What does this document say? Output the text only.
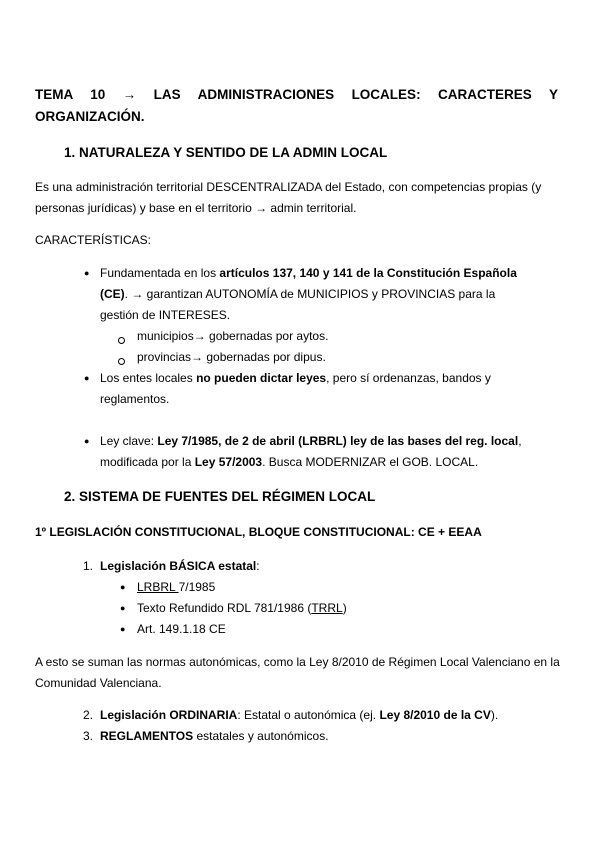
TEMA 10 → LAS ADMINISTRACIONES LOCALES: CARACTERES Y ORGANIZACIÓN.
1. NATURALEZA Y SENTIDO DE LA ADMIN LOCAL
Es una administración territorial DESCENTRALIZADA del Estado, con competencias propias (y personas jurídicas) y base en el territorio → admin territorial.
CARACTERÍSTICAS:
● Fundamentada en los artículos 137, 140 y 141 de la Constitución Española (CE). → garantizan AUTONOMÍA de MUNICIPIOS y PROVINCIAS para la gestión de INTERESES.
municipios→ gobernadas por aytos.
provincias→ gobernadas por dipus.
● Los entes locales no pueden dictar leyes, pero sí ordenanzas, bandos y reglamentos.
● Ley clave: Ley 7/1985, de 2 de abril (LRBRL) ley de las bases del reg. local, modificada por la Ley 57/2003. Busca MODERNIZAR el GOB. LOCAL.
2. SISTEMA DE FUENTES DEL RÉGIMEN LOCAL
1º LEGISLACIÓN CONSTITUCIONAL, BLOQUE CONSTITUCIONAL: CE + EEAA
1. Legislación BÁSICA estatal:
● LRBRL 7/1985
● Texto Refundido RDL 781/1986 (TRRL)
● Art. 149.1.18 CE
A esto se suman las normas autonómicas, como la Ley 8/2010 de Régimen Local Valenciano en la Comunidad Valenciana.
2. Legislación ORDINARIA: Estatal o autonómica (ej. Ley 8/2010 de la CV).
3. REGLAMENTOS estatales y autonómicos.
